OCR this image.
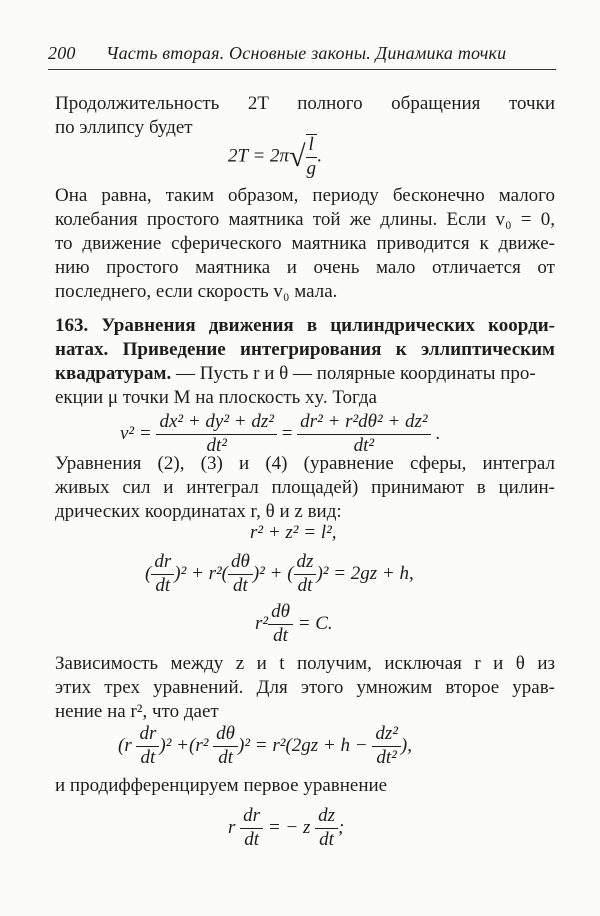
200 Часть вторая. Основные законы. Динамика точки
Продолжительность 2T полного обращения точки
по эллипсу будет
$2T = 2\pi√ \frac{l}{g}$ .
Она равна, таким образом, периоду бесконечно малого
колебания простого маятника той же длины. Если v₀ = 0,
то движение сферического маятника приводится к движе-
нию простого маятника и очень мало отличается от
последнего, если скорость v₀ мала.
163. Уравнения движения в цилиндрических коорди-
натах. Приведение интегрирования к эллиптическим
квадратурам. — Пусть r и θ — полярные координаты про-
екции μ точки M на плоскость xy. Тогда
$v^2 = \frac{\text{dx² + dy² + dz²}}{\text{dt²}} = \frac{\text{dr² + r²dθ² + dz²}}{\text{dt²}}$ .
Уравнения (2), (3) и (4) (уравнение сферы, интеграл
живых сил и интеграл площадей) принимают в цилин-
дрических координатах r, θ и z вид:
r² + z² = l²,
( $\frac{dr}{dt} )^2 + r^2( \frac{d\theta}{dt} )^2$ + ( $\frac{dz}{dt} )^2 = 2gz + h$,
$r^2 \frac{d\theta}{dt} = C$.
Зависимость между z и t получим, исключая r и θ из
этих трех уравнений. Для этого умножим второе урав-
нение на r², что дает
$(r \frac{dr}{dt} )^2 +(r^2 \frac{d\theta}{dt} )^2 = r^2(2gz + h - \frac{\text{dz²}}{\text{dt²}}$ ),
и продифференцируем первое уравнение
r $\frac{dr}{dt}$ = − z $\frac{dz}{dt}$ ;
